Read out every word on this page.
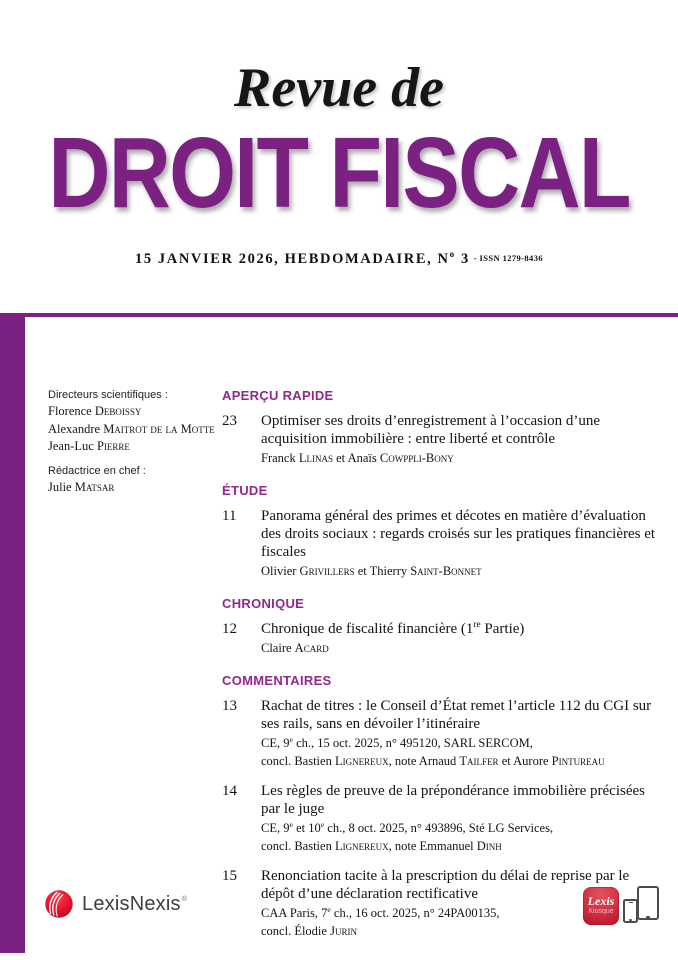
Revue de
DROIT FISCAL
15 JANVIER 2026, HEBDOMADAIRE, $N^o$ 3 - ISSN 1279-8436
Directeurs scientifiques :
Florence Deboissy
Alexandre Maitrot de la Motte
Jean-Luc Pierre
Rédactrice en chef :
Julie Matsar
APERÇU RAPIDE
23	Optimiser ses droits d’enregistrement à l’occasion d’une acquisition immobilière : entre liberté et contrôle
Franck Llinas et Anaïs Cowppli-Bony
ÉTUDE
11	Panorama général des primes et décotes en matière d’évaluation des droits sociaux : regards croisés sur les pratiques financières et fiscales
Olivier Grivillers et Thierry Saint-Bonnet
CHRONIQUE
12	Chronique de fiscalité financière (1re Partie)
Claire Acard
COMMENTAIRES
13	Rachat de titres : le Conseil d’État remet l’article 112 du CGI sur ses rails, sans en dévoiler l’itinéraire
CE, 9e ch., 15 oct. 2025, n° 495120, SARL SERCOM,
concl. Bastien Lignereux, note Arnaud Tailfer et Aurore Pintureau
14	Les règles de preuve de la prépondérance immobilière précisées par le juge
CE, 9e et 10e ch., 8 oct. 2025, n° 493896, Sté LG Services,
concl. Bastien Lignereux, note Emmanuel Dinh
15	Renonciation tacite à la prescription du délai de reprise par le dépôt d’une déclaration rectificative
CAA Paris, 7e ch., 16 oct. 2025, n° 24PA00135,
concl. Élodie Jurin
LexisNexis®	Lexis
Kiosque
